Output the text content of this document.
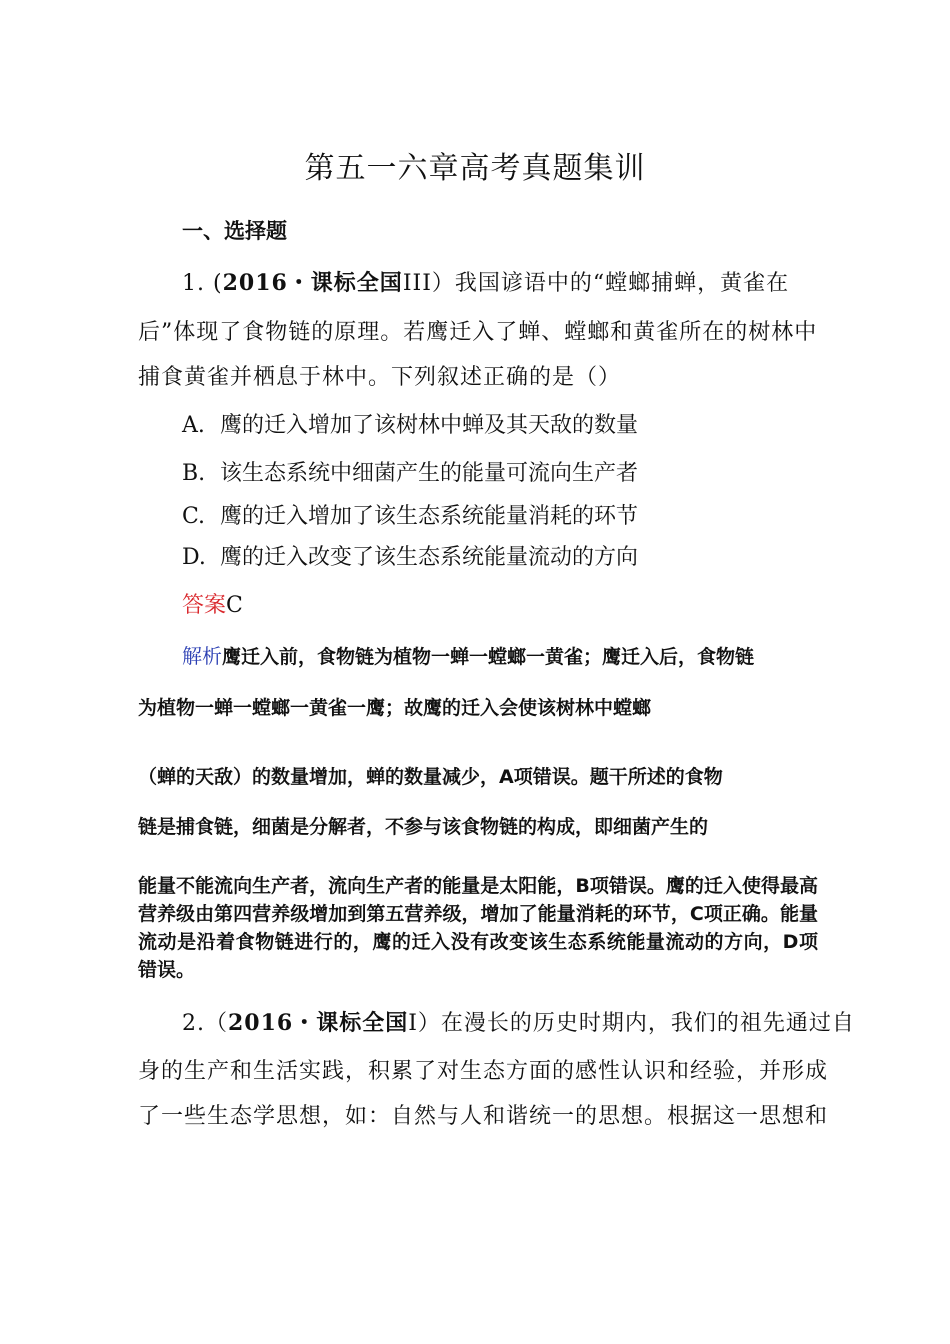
第五一六章高考真题集训
一、选择题
1. (2016・课标全国III）我国谚语中的“螳螂捕蝉，黄雀在
后”体现了食物链的原理。若鹰迁入了蝉、螳螂和黄雀所在的树林中
捕食黄雀并栖息于林中。下列叙述正确的是（）
A. 鹰的迁入增加了该树林中蝉及其天敌的数量
B. 该生态系统中细菌产生的能量可流向生产者
C. 鹰的迁入增加了该生态系统能量消耗的环节
D. 鹰的迁入改变了该生态系统能量流动的方向
答案C
解析鹰迁入前，食物链为植物一蝉一螳螂一黄雀；鹰迁入后，食物链
为植物一蝉一螳螂一黄雀一鹰；故鹰的迁入会使该树林中螳螂
（蝉的天敌）的数量增加，蝉的数量减少，A项错误。题干所述的食物
链是捕食链，细菌是分解者，不参与该食物链的构成，即细菌产生的
能量不能流向生产者，流向生产者的能量是太阳能，B项错误。鹰的迁入使得最高营养级由第四营养级增加到第五营养级，增加了能量消耗的环节，C项正确。能量流动是沿着食物链进行的，鹰的迁入没有改变该生态系统能量流动的方向，D项错误。
2.（2016・课标全国I）在漫长的历史时期内，我们的祖先通过自
身的生产和生活实践，积累了对生态方面的感性认识和经验，并形成
了一些生态学思想，如：自然与人和谐统一的思想。根据这一思想和
